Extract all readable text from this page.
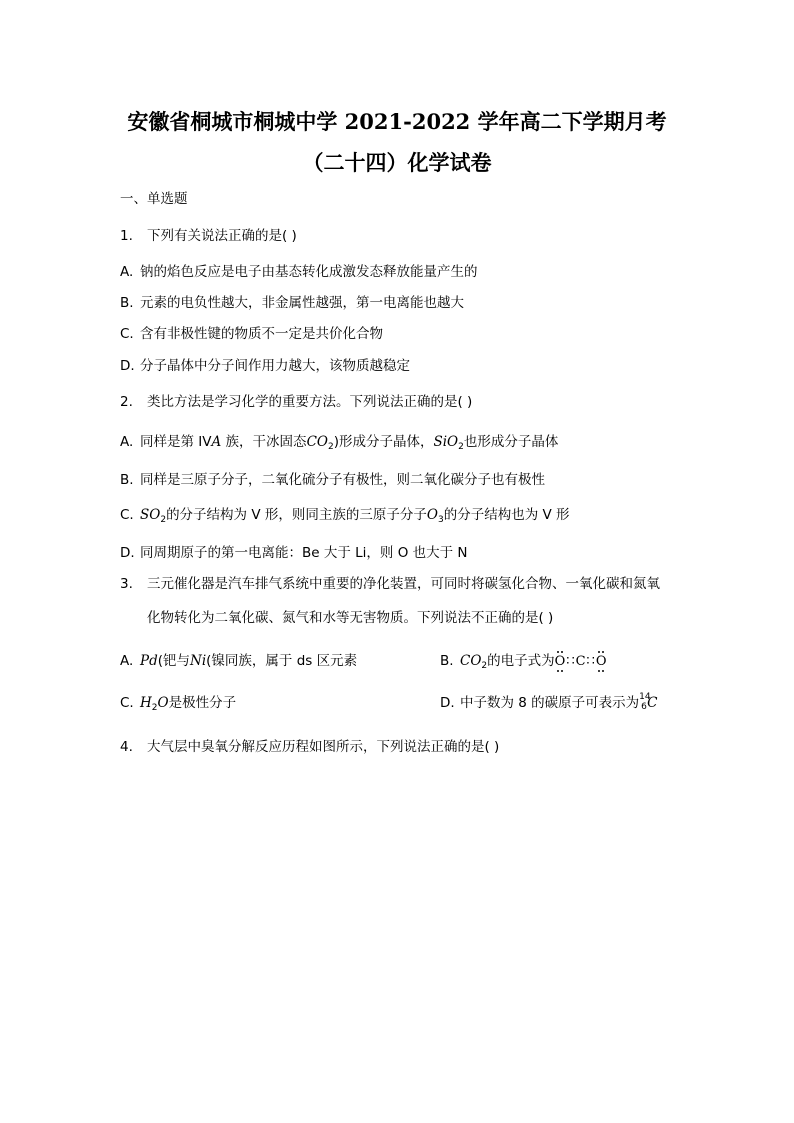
安徽省桐城市桐城中学 2021-2022 学年高二下学期月考
（二十四）化学试卷
一、单选题
1. 下列有关说法正确的是( )
A. 钠的焰色反应是电子由基态转化成激发态释放能量产生的
B. 元素的电负性越大，非金属性越强，第一电离能也越大
C. 含有非极性键的物质不一定是共价化合物
D. 分子晶体中分子间作用力越大，该物质越稳定
2. 类比方法是学习化学的重要方法。下列说法正确的是( )
A. 同样是第 IVA 族，干冰固态$CO_2$)形成分子晶体，SiO$_2$也形成分子晶体
B. 同样是三原子分子，二氧化硫分子有极性，则二氧化碳分子也有极性
C. $SO_2$的分子结构为 V 形，则同主族的三原子分子$O_3$的分子结构也为 V 形
D. 同周期原子的第一电离能：Be 大于 Li，则 O 也大于 N
3. 三元催化器是汽车排气系统中重要的净化装置，可同时将碳氢化合物、一氧化碳和氮氧
化物转化为二氧化碳、氮气和水等无害物质。下列说法不正确的是( )
A. Pd(钯与Ni(镍同族，属于 ds 区元素	B. $CO_2$的电子式为O∷C∷O
C. $H_2O$是极性分子	D. 中子数为 8 的碳原子可表示为 14
6 C
4. 大气层中臭氧分解反应历程如图所示，下列说法正确的是( )
